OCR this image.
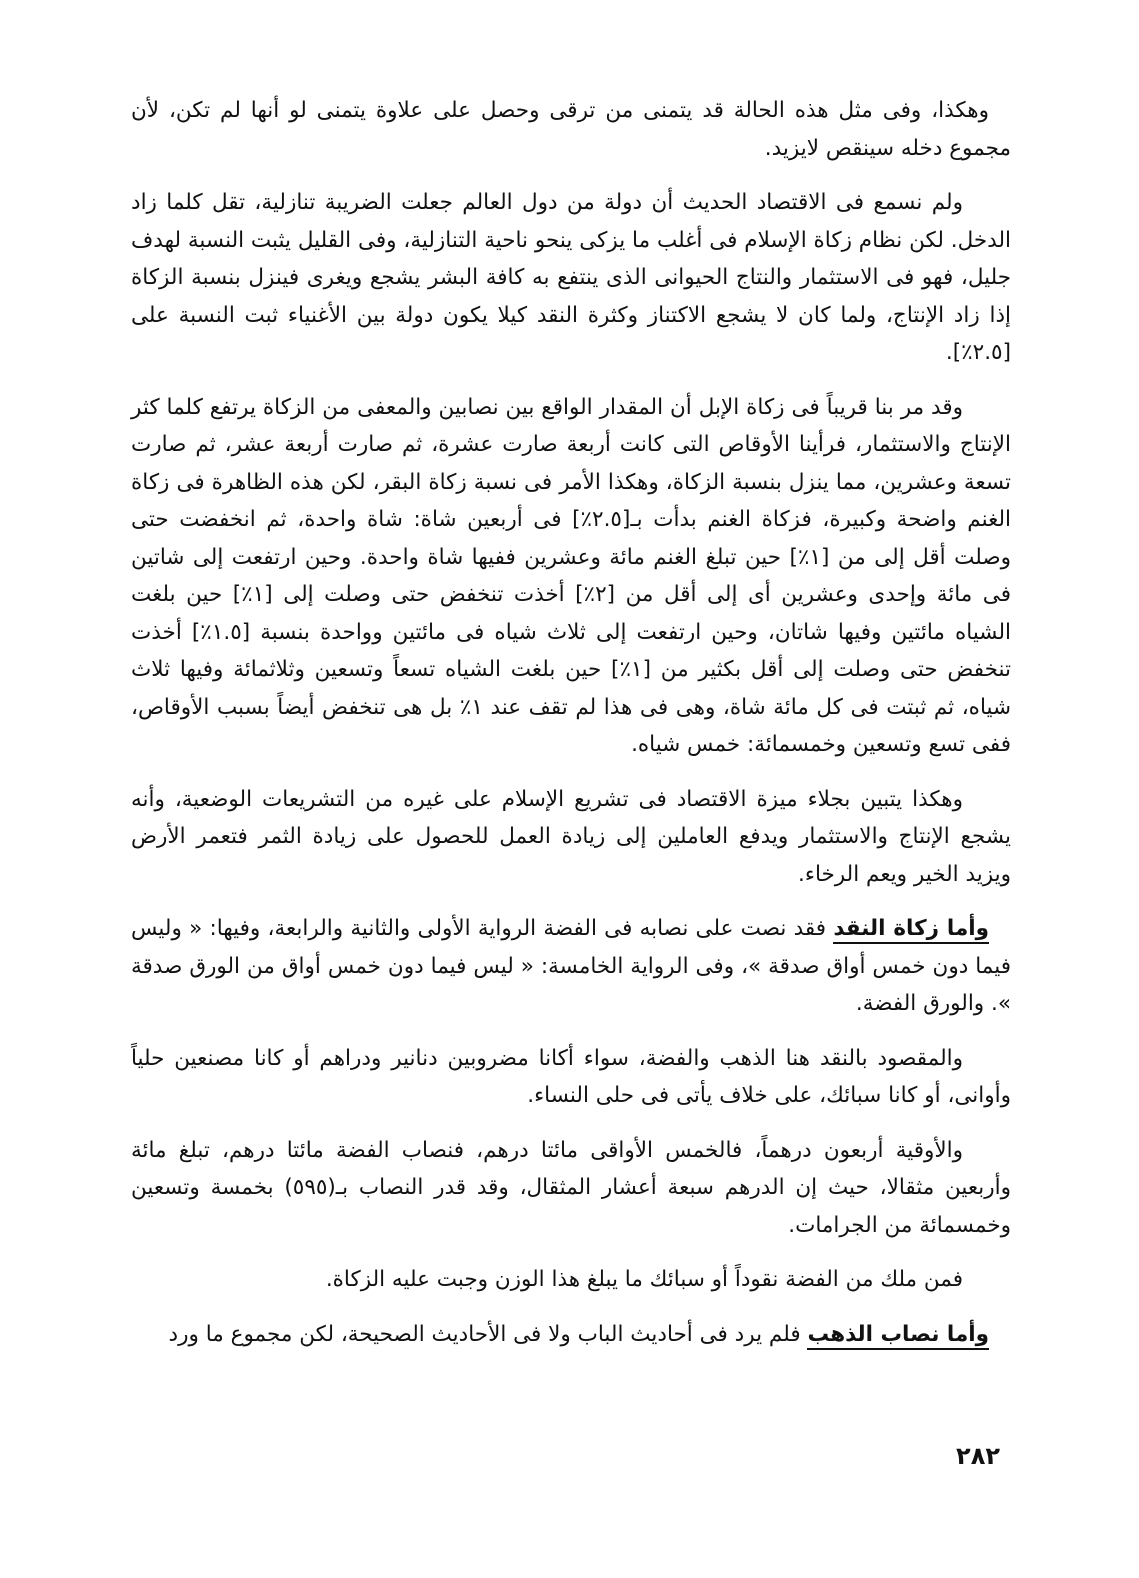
وهكذا، وفى مثل هذه الحالة قد يتمنى من ترقى وحصل على علاوة يتمنى لو أنها لم تكن، لأن مجموع دخله سينقص لايزيد.

ولم نسمع فى الاقتصاد الحديث أن دولة من دول العالم جعلت الضريبة تنازلية، تقل كلما زاد الدخل. لكن نظام زكاة الإسلام فى أغلب ما يزكى ينحو ناحية التنازلية، وفى القليل يثبت النسبة لهدف جليل، فهو فى الاستثمار والنتاج الحيوانى الذى ينتفع به كافة البشر يشجع ويغرى فينزل بنسبة الزكاة إذا زاد الإنتاج، ولما كان لا يشجع الاكتناز وكثرة النقد كيلا يكون دولة بين الأغنياء ثبت النسبة على [٢.٥٪].

وقد مر بنا قريباً فى زكاة الإبل أن المقدار الواقع بين نصابين والمعفى من الزكاة يرتفع كلما كثر الإنتاج والاستثمار، فرأينا الأوقاص التى كانت أربعة صارت عشرة، ثم صارت أربعة عشر، ثم صارت تسعة وعشرين، مما ينزل بنسبة الزكاة، وهكذا الأمر فى نسبة زكاة البقر، لكن هذه الظاهرة فى زكاة الغنم واضحة وكبيرة، فزكاة الغنم بدأت بـ[٢.٥٪] فى أربعين شاة: شاة واحدة، ثم انخفضت حتى وصلت أقل إلى من [١٪] حين تبلغ الغنم مائة وعشرين ففيها شاة واحدة. وحين ارتفعت إلى شاتين فى مائة وإحدى وعشرين أى إلى أقل من [٢٪] أخذت تنخفض حتى وصلت إلى [١٪] حين بلغت الشياه مائتين وفيها شاتان، وحين ارتفعت إلى ثلاث شياه فى مائتين وواحدة بنسبة [١.٥٪] أخذت تنخفض حتى وصلت إلى أقل بكثير من [١٪] حين بلغت الشياه تسعاً وتسعين وثلاثمائة وفيها ثلاث شياه، ثم ثبتت فى كل مائة شاة، وهى فى هذا لم تقف عند ١٪ بل هى تنخفض أيضاً بسبب الأوقاص، ففى تسع وتسعين وخمسمائة: خمس شياه.

وهكذا يتبين بجلاء ميزة الاقتصاد فى تشريع الإسلام على غيره من التشريعات الوضعية، وأنه يشجع الإنتاج والاستثمار ويدفع العاملين إلى زيادة العمل للحصول على زيادة الثمر فتعمر الأرض ويزيد الخير ويعم الرخاء.

وأما زكاة النقد فقد نصت على نصابه فى الفضة الرواية الأولى والثانية والرابعة، وفيها: « وليس فيما دون خمس أواق صدقة »، وفى الرواية الخامسة: « ليس فيما دون خمس أواق من الورق صدقة ». والورق الفضة.

والمقصود بالنقد هنا الذهب والفضة، سواء أكانا مضروبين دنانير ودراهم أو كانا مصنعين حلياً وأوانى، أو كانا سبائك، على خلاف يأتى فى حلى النساء.

والأوقية أربعون درهماً، فالخمس الأواقى مائتا درهم، فنصاب الفضة مائتا درهم، تبلغ مائة وأربعين مثقالا، حيث إن الدرهم سبعة أعشار المثقال، وقد قدر النصاب بـ(٥٩٥) بخمسة وتسعين وخمسمائة من الجرامات.

فمن ملك من الفضة نقوداً أو سبائك ما يبلغ هذا الوزن وجبت عليه الزكاة.

وأما نصاب الذهب فلم يرد فى أحاديث الباب ولا فى الأحاديث الصحيحة، لكن مجموع ما ورد

٢٨٢
